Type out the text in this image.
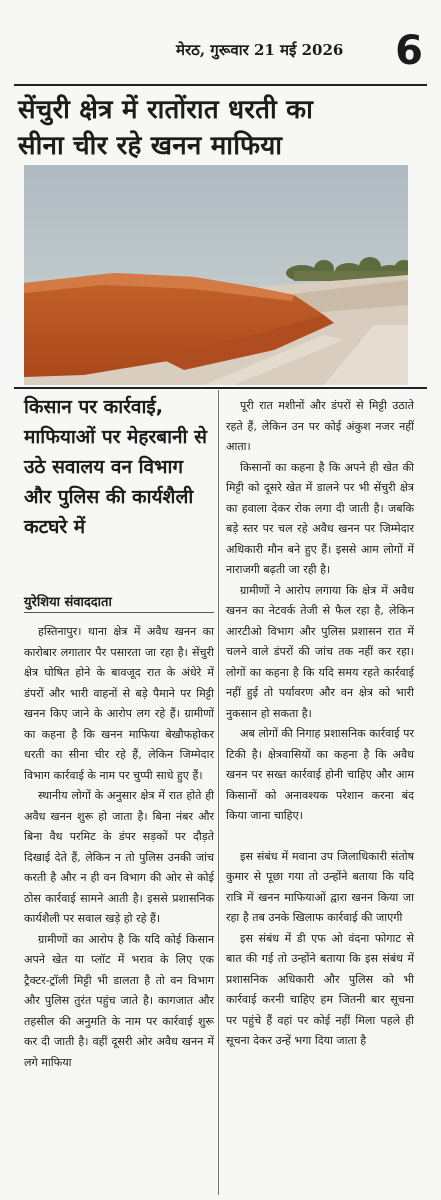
मेरठ, गुरूवार 21 मई 2026 6
सेंचुरी क्षेत्र में रातोंरात धरती का
सीना चीर रहे खनन माफिया
किसान पर कार्रवाई, माफियाओं पर मेहरबानी से उठे सवालय वन विभाग और पुलिस की कार्यशैली कटघरे में
युरेशिया संवाददाता

हस्तिनापुर। थाना क्षेत्र में अवैध खनन का कारोबार लगातार पैर पसारता जा रहा है। सेंचुरी क्षेत्र घोषित होने के बावजूद रात के अंधेरे में डंपरों और भारी वाहनों से बड़े पैमाने पर मिट्टी खनन किए जाने के आरोप लग रहे हैं। ग्रामीणों का कहना है कि खनन माफिया बेखौफहोकर धरती का सीना चीर रहे हैं, लेकिन जिम्मेदार विभाग कार्रवाई के नाम पर चुप्पी साधे हुए हैं।

स्थानीय लोगों के अनुसार क्षेत्र में रात होते ही अवैध खनन शुरू हो जाता है। बिना नंबर और बिना वैध परमिट के डंपर सड़कों पर दौड़ते दिखाई देते हैं, लेकिन न तो पुलिस उनकी जांच करती है और न ही वन विभाग की ओर से कोई ठोस कार्रवाई सामने आती है। इससे प्रशासनिक कार्यशैली पर सवाल खड़े हो रहे हैं।

ग्रामीणों का आरोप है कि यदि कोई किसान अपने खेत या प्लॉट में भराव के लिए एक ट्रैक्टर-ट्रॉली मिट्टी भी डालता है तो वन विभाग और पुलिस तुरंत पहुंच जाते है। कागजात और तहसील की अनुमति के नाम पर कार्रवाई शुरू कर दी जाती है। वहीं दूसरी ओर अवैध खनन में लगे माफिया

पूरी रात मशीनों और डंपरों से मिट्टी उठाते रहते हैं, लेकिन उन पर कोई अंकुश नजर नहीं आता।

किसानों का कहना है कि अपने ही खेत की मिट्टी को दूसरे खेत में डालने पर भी सेंचुरी क्षेत्र का हवाला देकर रोक लगा दी जाती है। जबकि बड़े स्तर पर चल रहे अवैध खनन पर जिम्मेदार अधिकारी मौन बने हुए हैं। इससे आम लोगों में नाराजगी बढ़ती जा रही है।

ग्रामीणों ने आरोप लगाया कि क्षेत्र में अवैध खनन का नेटवर्क तेजी से फैल रहा है, लेकिन आरटीओ विभाग और पुलिस प्रशासन रात में चलने वाले डंपरों की जांच तक नहीं कर रहा। लोगों का कहना है कि यदि समय रहते कार्रवाई नहीं हुई तो पर्यावरण और वन क्षेत्र को भारी नुकसान हो सकता है।

अब लोगों की निगाह प्रशासनिक कार्रवाई पर टिकी है। क्षेत्रवासियों का कहना है कि अवैध खनन पर सख्त कार्रवाई होनी चाहिए और आम किसानों को अनावश्यक परेशान करना बंद किया जाना चाहिए।

इस संबंध में मवाना उप जिलाधिकारी संतोष कुमार से पूछा गया तो उन्होंने बताया कि यदि रात्रि में खनन माफियाओं द्वारा खनन किया जा रहा है तब उनके खिलाफ कार्रवाई की जाएगी

इस संबंध में डी एफ ओ वंदना फोगाट से बात की गई तो उन्होंने बताया कि इस संबंध में प्रशासनिक अधिकारी और पुलिस को भी कार्रवाई करनी चाहिए हम जितनी बार सूचना पर पहुंचे हैं वहां पर कोई नहीं मिला पहले ही सूचना देकर उन्हें भगा दिया जाता है
